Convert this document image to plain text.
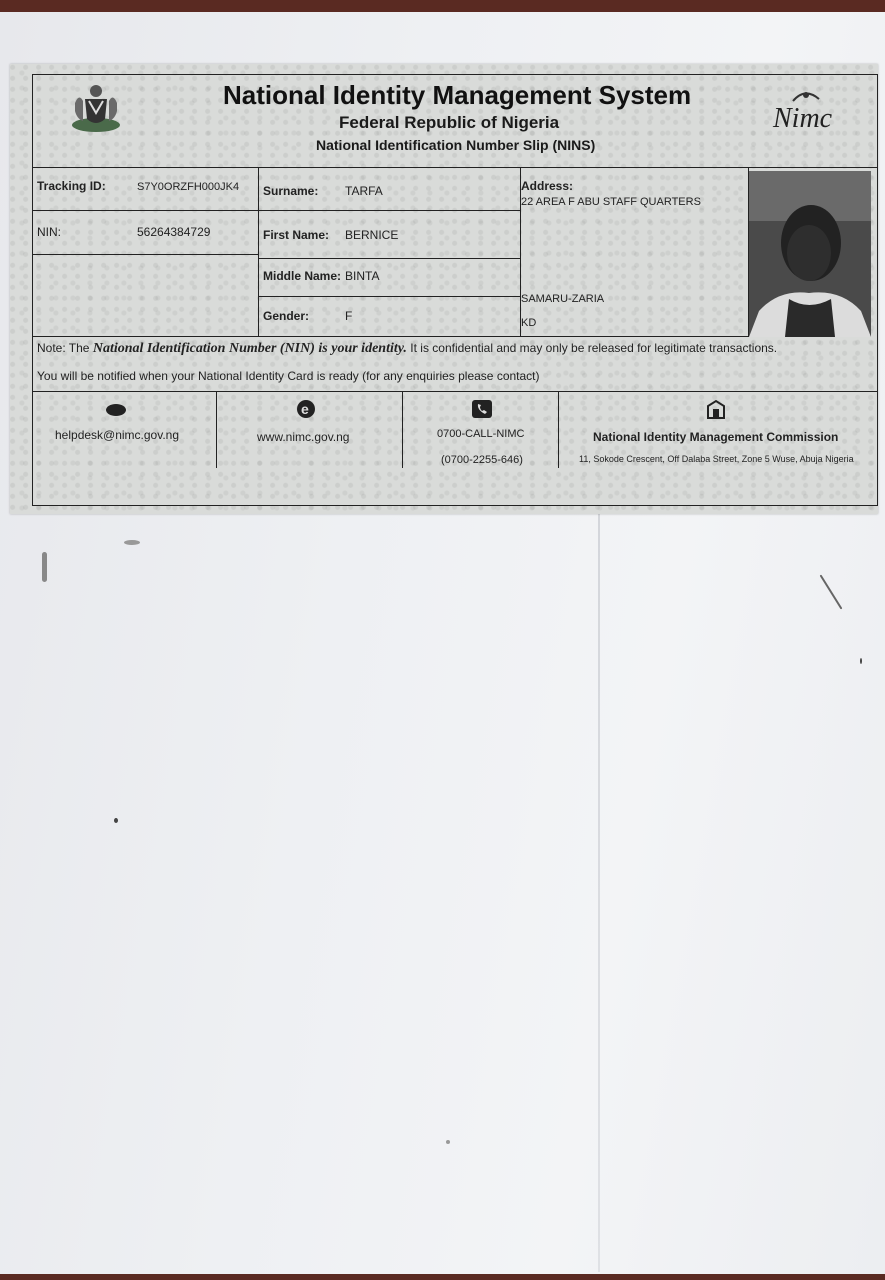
National Identity Management System
Federal Republic of Nigeria
National Identification Number Slip (NINS)
Nimc
Tracking ID:	S7Y0ORZFH000JK4
NIN:	56264384729
Surname: TARFA
First Name: BERNICE
Middle Name: BINTA
Gender:	F
Address:
22 AREA F ABU STAFF QUARTERS
SAMARU-ZARIA
KD
Note: The National Identification Number (NIN) is your identity. It is confidential and may only be released for legitimate transactions.
You will be notified when your National Identity Card is ready (for any enquiries please contact)
helpdesk@nimc.gov.ng
e
www.nimc.gov.ng	0700-CALL-NIMC
(0700-2255-646)
National Identity Management Commission
11, Sokode Crescent, Off Dalaba Street, Zone 5 Wuse, Abuja Nigeria
